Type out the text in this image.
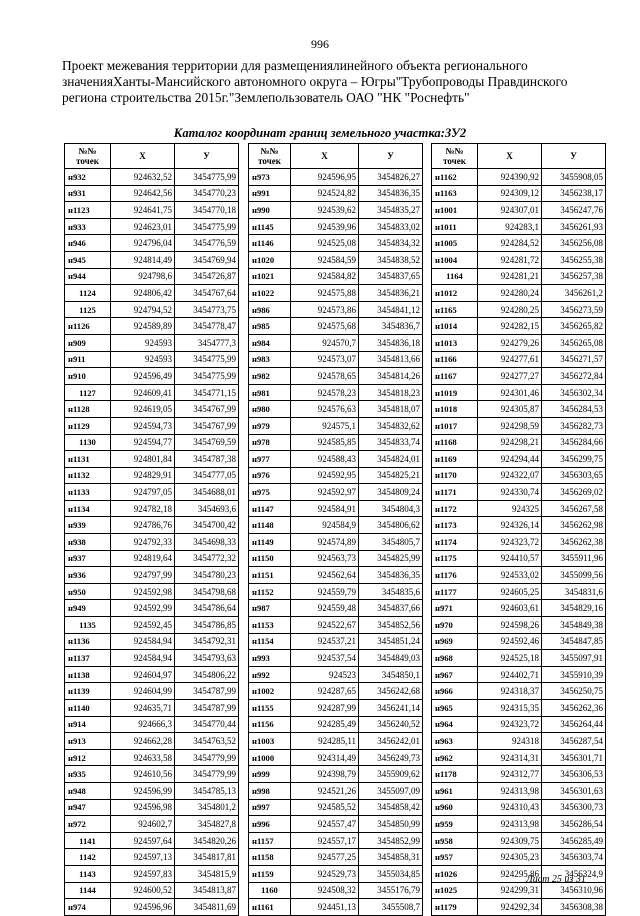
996
Проект межевания территории для размещениялинейного объекта регионального значенияХанты-Мансийского автономного округа – Югры"Трубопроводы Правдинского региона строительства 2015г."Землепользователь ОАО "НК "Роснефть"
Каталог координат границ земельного участка:ЗУ2
№№
точек	Х	У
н932	924632,52	3454775,99
н931	924642,56	3454770,23
н1123	924641,75	3454770,18
н933	924623,01	3454775,99
н946	924796,04	3454776,59
н945	924814,49	3454769,94
н944	924798,6	3454726,87
1124	924806,42	3454767,64
1125	924794,52	3454773,75
н1126	924589,89	3454778,47
н909	924593	3454777,3
н911	924593	3454775,99
н910	924596,49	3454775,99
1127	924609,41	3454771,15
н1128	924619,05	3454767,99
н1129	924594,73	3454767,99
1130	924594,77	3454769,59
н1131	924801,84	3454787,38
н1132	924829,91	3454777,05
н1133	924797,05	3454688,01
н1134	924782,18	3454693,6
н939	924786,76	3454700,42
н938	924792,33	3454698,33
н937	924819,64	3454772,32
н936	924797,99	3454780,23
н950	924592,98	3454798,68
н949	924592,99	3454786,64
1135	924592,45	3454786,85
н1136	924584,94	3454792,31
н1137	924584,94	3454793,63
н1138	924604,97	3454806,22
н1139	924604,99	3454787,99
н1140	924635,71	3454787,99
н914	924666,3	3454770,44
н913	924662,28	3454763,52
н912	924633,58	3454779,99
н935	924610,56	3454779,99
н948	924596,99	3454785,13
н947	924596,98	3454801,2
н972	924602,7	3454827,8
1141	924597,64	3454820,26
1142	924597,13	3454817,81
1143	924597,83	3454815,9
1144	924600,52	3454813,87
н974	924596,96	3454811,69
№№
точек	Х	У
н973	924596,95	3454826,27
н991	924524,82	3454836,35
н990	924539,62	3454835,27
н1145	924539,96	3454833,02
н1146	924525,08	3454834,32
н1020	924584,59	3454838,52
н1021	924584,82	3454837,65
н1022	924575,88	3454836,21
н986	924573,86	3454841,12
н985	924575,68	3454836,7
н984	924570,7	3454836,18
н983	924573,07	3454813,66
н982	924578,65	3454814,26
н981	924578,23	3454818,23
н980	924576,63	3454818,07
н979	924575,1	3454832,62
н978	924585,85	3454833,74
н977	924588,43	3454824,01
н976	924592,95	3454825,21
н975	924592,97	3454809,24
н1147	924584,91	3454804,3
н1148	924584,9	3454806,62
н1149	924574,89	3454805,7
н1150	924563,73	3454825,99
н1151	924562,64	3454836,35
н1152	924559,79	3454835,6
н987	924559,48	3454837,66
н1153	924522,67	3454852,56
н1154	924537,21	3454851,24
н993	924537,54	3454849,03
н992	924523	3454850,1
н1002	924287,65	3456242,68
н1155	924287,99	3456241,14
н1156	924285,49	3456240,52
н1003	924285,11	3456242,01
н1000	924314,49	3456249,73
н999	924398,79	3455909,62
н998	924521,26	3455097,09
н997	924585,52	3454858,42
н996	924557,47	3454850,99
н1157	924557,17	3454852,99
н1158	924577,25	3454858,31
н1159	924529,73	3455034,85
1160	924508,32	3455176,79
н1161	924451,13	3455508,7
№№
точек	Х	У
н1162	924390,92	3455908,05
н1163	924309,12	3456238,17
н1001	924307,01	3456247,76
н1011	924283,1	3456261,93
н1005	924284,52	3456256,08
н1004	924281,72	3456255,38
1164	924281,21	3456257,38
н1012	924280,24	3456261,2
н1165	924280,25	3456273,59
н1014	924282,15	3456265,82
н1013	924279,26	3456265,08
н1166	924277,61	3456271,57
н1167	924277,27	3456272,84
н1019	924301,46	3456302,34
н1018	924305,87	3456284,53
н1017	924298,59	3456282,73
н1168	924298,21	3456284,66
н1169	924294,44	3456299,75
н1170	924322,07	3456303,65
н1171	924330,74	3456269,02
н1172	924325	3456267,58
н1173	924326,14	3456262,98
н1174	924323,72	3456262,38
н1175	924410,57	3455911,96
н1176	924533,02	3455099,56
н1177	924605,25	3454831,6
н971	924603,61	3454829,16
н970	924598,26	3454849,38
н969	924592,46	3454847,85
н968	924525,18	3455097,91
н967	924402,71	3455910,39
н966	924318,37	3456250,75
н965	924315,35	3456262,36
н964	924323,72	3456264,44
н963	924318	3456287,54
н962	924314,31	3456301,71
н1178	924312,77	3456306,53
н961	924313,98	3456301,63
н960	924310,43	3456300,73
н959	924313,98	3456286,54
н958	924309,75	3456285,49
н957	924305,23	3456303,74
н1026	924295,86	3456324,9
н1025	924299,31	3456310,96
н1179	924292,34	3456308,38
Лист 25 из 31
